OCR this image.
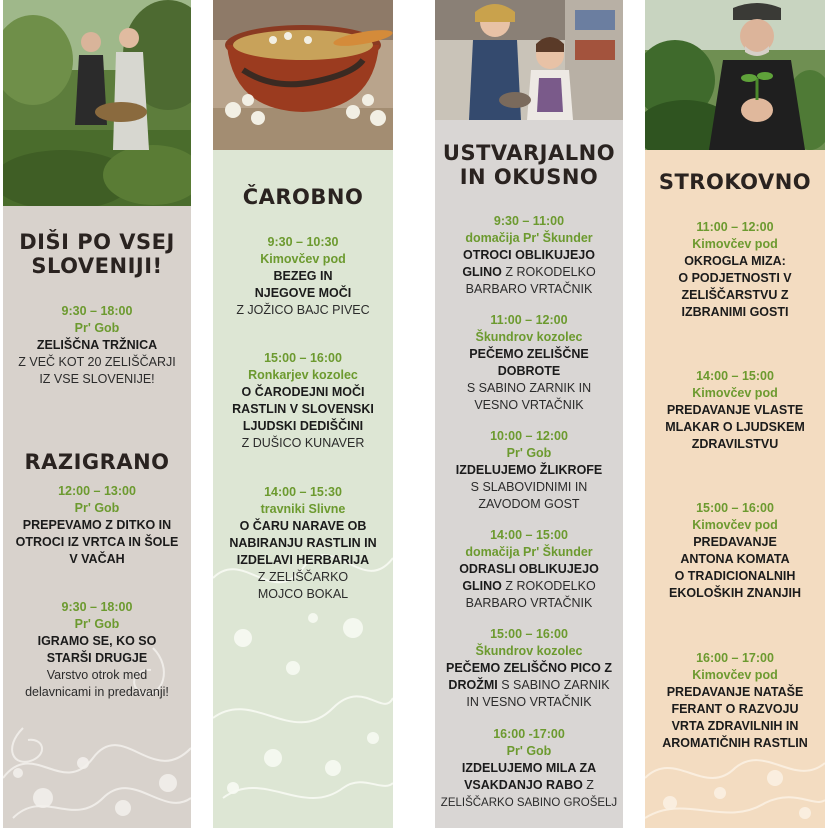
DIŠI PO VSEJ
SLOVENIJI!
9:30 – 18:00
Pr' Gob
ZELIŠČNA TRŽNICA
Z VEČ KOT 20 ZELIŠČARJI
IZ VSE SLOVENIJE!
RAZIGRANO
12:00 – 13:00
Pr' Gob
PREPEVAMO Z DITKO IN
OTROCI IZ VRTCA IN ŠOLE
V VAČAH
9:30 – 18:00
Pr' Gob
IGRAMO SE, KO SO
STARŠI DRUGJE
Varstvo otrok med
delavnicami in predavanji!
ČAROBNO
9:30 – 10:30
Kimovčev pod
BEZEG IN
NJEGOVE MOČI
Z JOŽICO BAJC PIVEC
15:00 – 16:00
Ronkarjev kozolec
O ČARODEJNI MOČI
RASTLIN V SLOVENSKI
LJUDSKI DEDIŠČINI
Z DUŠICO KUNAVER
14:00 – 15:30
travniki Slivne
O ČARU NARAVE OB
NABIRANJU RASTLIN IN
IZDELAVI HERBARIJA
Z ZELIŠČARKO
MOJCO BOKAL
USTVARJALNO
IN OKUSNO
9:30 – 11:00
domačija Pr' Škunder
OTROCI OBLIKUJEJO
GLINO Z ROKODELKO
BARBARO VRTAČNIK
11:00 – 12:00
Škundrov kozolec
PEČEMO ZELIŠČNE
DOBROTE
S SABINO ZARNIK IN
VESNO VRTAČNIK
10:00 – 12:00
Pr' Gob
IZDELUJEMO ŽLIKROFE
S SLABOVIDNIMI IN
ZAVODOM GOST
14:00 – 15:00
domačija Pr' Škunder
ODRASLI OBLIKUJEJO
GLINO Z ROKODELKO
BARBARO VRTAČNIK
15:00 – 16:00
Škundrov kozolec
PEČEMO ZELIŠČNO PICO Z
DROŽMI S SABINO ZARNIK
IN VESNO VRTAČNIK
16:00 -17:00
Pr' Gob
IZDELUJEMO MILA ZA
VSAKDANJO RABO Z
ZELIŠČARKO SABINO GROŠELJ
STROKOVNO
11:00 – 12:00
Kimovčev pod
OKROGLA MIZA:
O PODJETNOSTI V
ZELIŠČARSTVU Z
IZBRANIMI GOSTI
14:00 – 15:00
Kimovčev pod
PREDAVANJE VLASTE
MLAKAR O LJUDSKEM
ZDRAVILSTVU
15:00 – 16:00
Kimovčev pod
PREDAVANJE
ANTONA KOMATA
O TRADICIONALNIH
EKOLOŠKIH ZNANJIH
16:00 – 17:00
Kimovčev pod
PREDAVANJE NATAŠE
FERANT O RAZVOJU
VRTA ZDRAVILNIH IN
AROMATIČNIH RASTLIN
